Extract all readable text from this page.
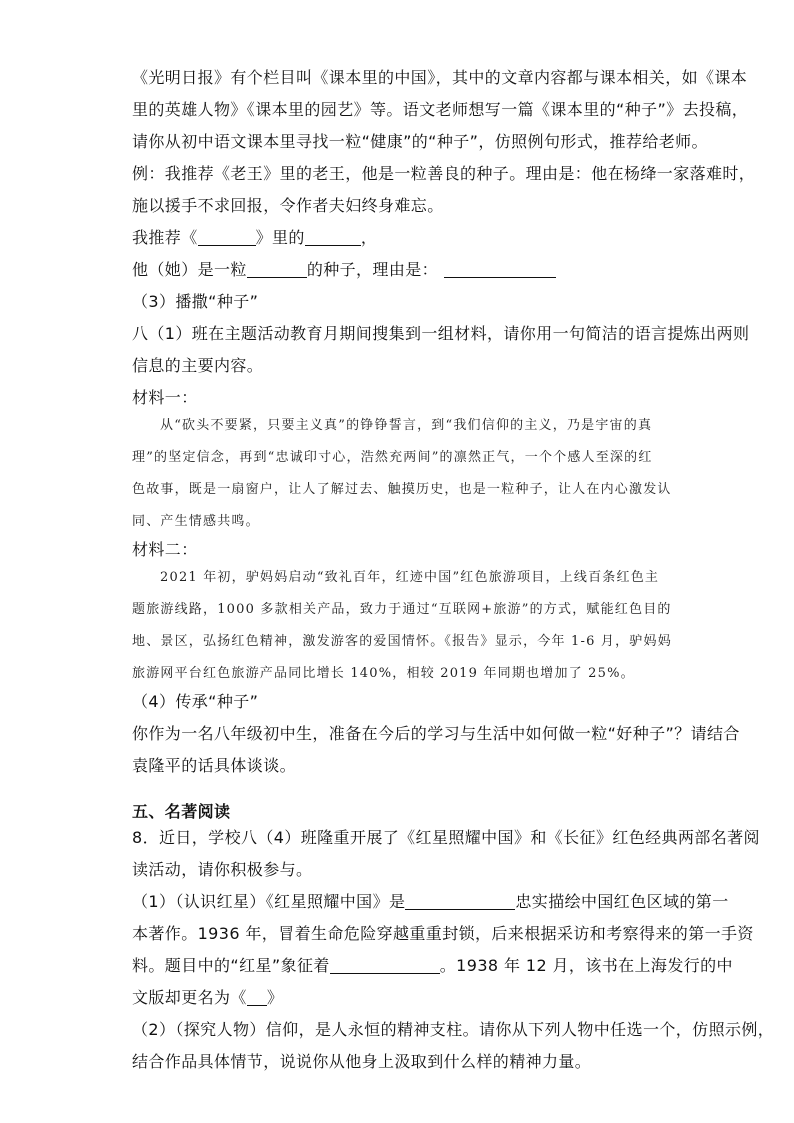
《光明日报》有个栏目叫《课本里的中国》，其中的文章内容都与课本相关，如《课本
里的英雄人物》《课本里的园艺》等。语文老师想写一篇《课本里的“种子”》去投稿，
请你从初中语文课本里寻找一粒“健康”的“种子”，仿照例句形式，推荐给老师。
例：我推荐《老王》里的老王，他是一粒善良的种子。理由是：他在杨绛一家落难时，
施以援手不求回报，令作者夫妇终身难忘。
我推荐《	》里的	，
他（她）是一粒	的种子，理由是：
（3）播撒“种子”
八（1）班在主题活动教育月期间搜集到一组材料，请你用一句简洁的语言提炼出两则
信息的主要内容。
材料一：
从“砍头不要紧，只要主义真”的铮铮誓言，到“我们信仰的主义，乃是宇宙的真
理”的坚定信念，再到“忠诚印寸心，浩然充两间”的凛然正气，一个个感人至深的红
色故事，既是一扇窗户，让人了解过去、触摸历史，也是一粒种子，让人在内心激发认
同、产生情感共鸣。
材料二：
2021 年初，驴妈妈启动“致礼百年，红迹中国”红色旅游项目，上线百条红色主
题旅游线路，1000 多款相关产品，致力于通过“互联网+旅游”的方式，赋能红色目的
地、景区，弘扬红色精神，激发游客的爱国情怀。《报告》显示，今年 1-6 月，驴妈妈
旅游网平台红色旅游产品同比增长 140%，相较 2019 年同期也增加了 25%。
（4）传承“种子”
你作为一名八年级初中生，准备在今后的学习与生活中如何做一粒“好种子”？请结合
袁隆平的话具体谈谈。
五、名著阅读
8．近日，学校八（4）班隆重开展了《红星照耀中国》和《长征》红色经典两部名著阅
读活动，请你积极参与。
（1）（认识红星）《红星照耀中国》是	忠实描绘中国红色区域的第一
本著作。1936 年，冒着生命危险穿越重重封锁，后来根据采访和考察得来的第一手资
料。题目中的“红星”象征着	。1938 年 12 月，该书在上海发行的中
文版却更名为《 》
（2）（探究人物）信仰，是人永恒的精神支柱。请你从下列人物中任选一个，仿照示例，
结合作品具体情节，说说你从他身上汲取到什么样的精神力量。
